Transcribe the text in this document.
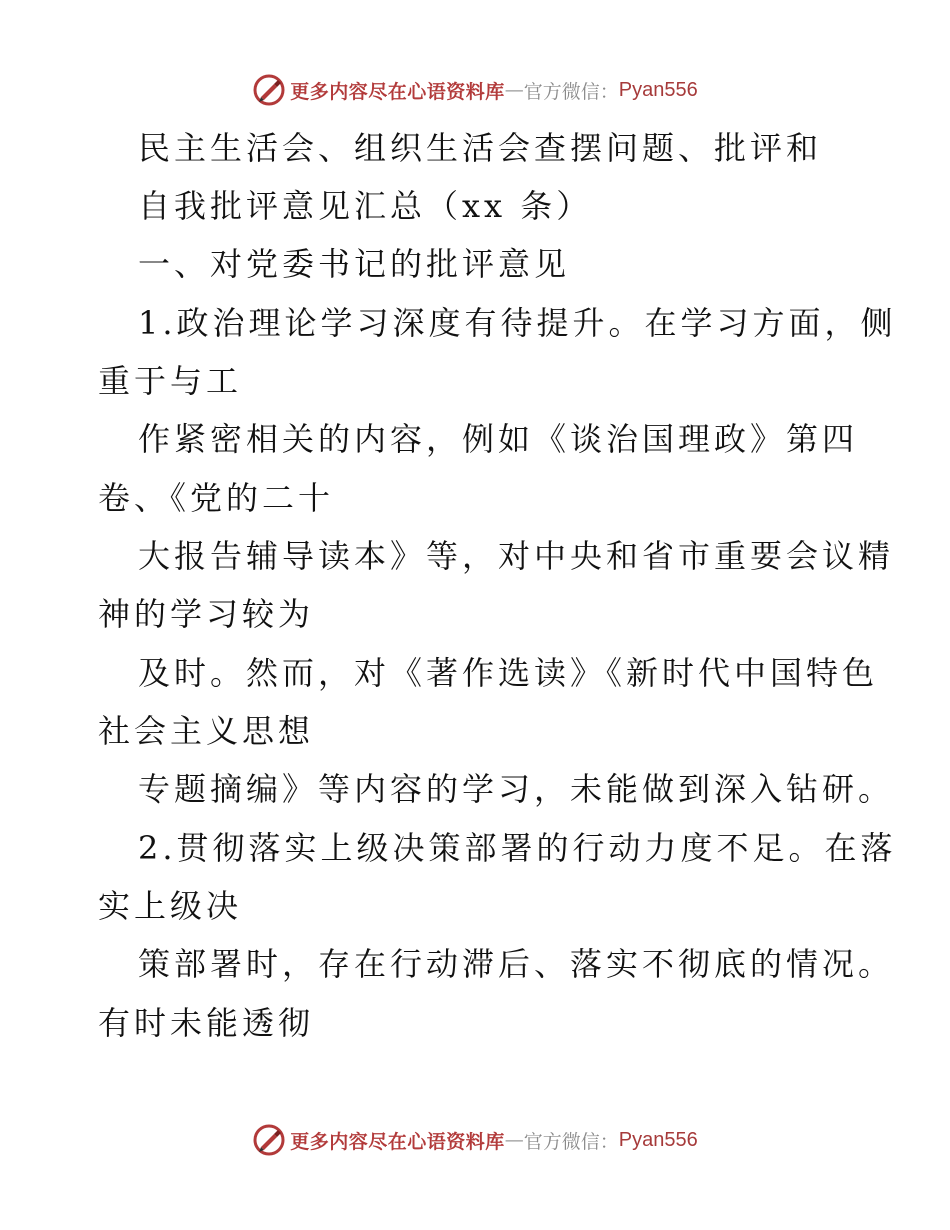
更多内容尽在心语资料库 — 官方微信： Pyan556
民主生活会、组织生活会查摆问题、批评和
自我批评意见汇总（xx 条）
一、对党委书记的批评意见
1.政治理论学习深度有待提升。在学习方面，侧
重于与工
作紧密相关的内容，例如《谈治国理政》第四
卷、《党的二十
大报告辅导读本》等，对中央和省市重要会议精
神的学习较为
及时。然而，对《著作选读》《新时代中国特色
社会主义思想
专题摘编》等内容的学习，未能做到深入钻研。
2.贯彻落实上级决策部署的行动力度不足。在落
实上级决
策部署时，存在行动滞后、落实不彻底的情况。
有时未能透彻
更多内容尽在心语资料库 — 官方微信： Pyan556
